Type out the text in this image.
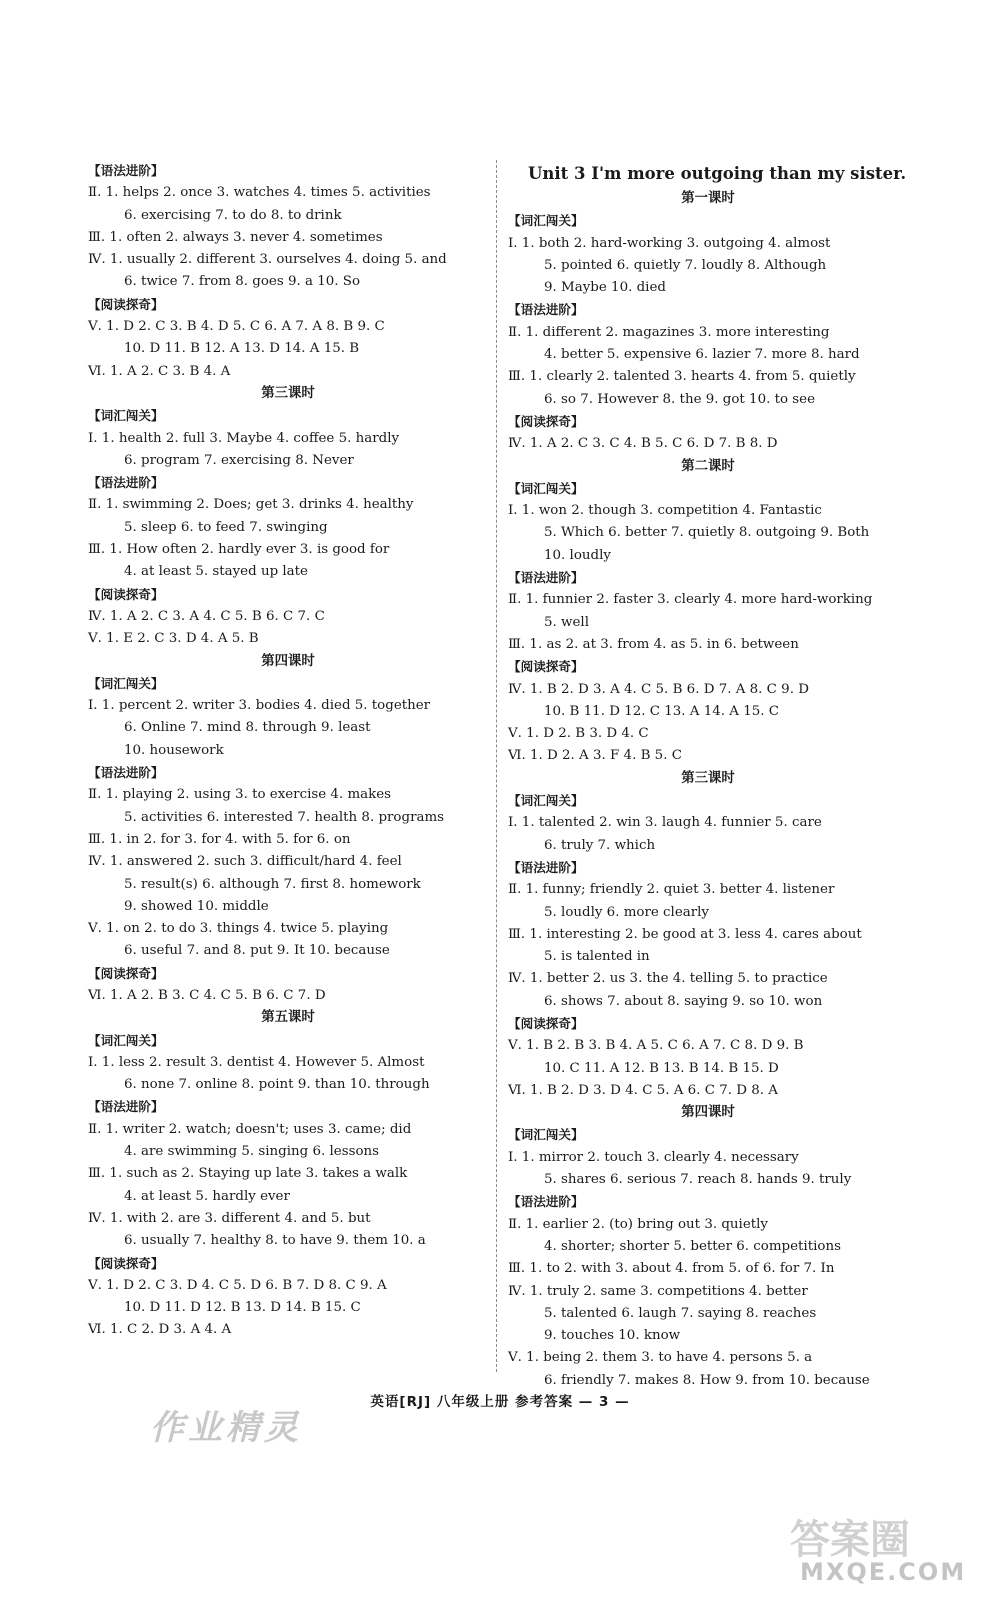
【语法进阶】
Ⅱ. 1. helps 2. once 3. watches 4. times 5. activities
6. exercising 7. to do 8. to drink
Ⅲ. 1. often 2. always 3. never 4. sometimes
Ⅳ. 1. usually 2. different 3. ourselves 4. doing 5. and
6. twice 7. from 8. goes 9. a 10. So
【阅读探奇】
Ⅴ. 1. D 2. C 3. B 4. D 5. C 6. A 7. A 8. B 9. C
10. D 11. B 12. A 13. D 14. A 15. B
Ⅵ. 1. A 2. C 3. B 4. A
第三课时
【词汇闯关】
Ⅰ. 1. health 2. full 3. Maybe 4. coffee 5. hardly
6. program 7. exercising 8. Never
【语法进阶】
Ⅱ. 1. swimming 2. Does; get 3. drinks 4. healthy
5. sleep 6. to feed 7. swinging
Ⅲ. 1. How often 2. hardly ever 3. is good for
4. at least 5. stayed up late
【阅读探奇】
Ⅳ. 1. A 2. C 3. A 4. C 5. B 6. C 7. C
Ⅴ. 1. E 2. C 3. D 4. A 5. B
第四课时
【词汇闯关】
Ⅰ. 1. percent 2. writer 3. bodies 4. died 5. together
6. Online 7. mind 8. through 9. least
10. housework
【语法进阶】
Ⅱ. 1. playing 2. using 3. to exercise 4. makes
5. activities 6. interested 7. health 8. programs
Ⅲ. 1. in 2. for 3. for 4. with 5. for 6. on
Ⅳ. 1. answered 2. such 3. difficult/hard 4. feel
5. result(s) 6. although 7. first 8. homework
9. showed 10. middle
Ⅴ. 1. on 2. to do 3. things 4. twice 5. playing
6. useful 7. and 8. put 9. It 10. because
【阅读探奇】
Ⅵ. 1. A 2. B 3. C 4. C 5. B 6. C 7. D
第五课时
【词汇闯关】
Ⅰ. 1. less 2. result 3. dentist 4. However 5. Almost
6. none 7. online 8. point 9. than 10. through
【语法进阶】
Ⅱ. 1. writer 2. watch; doesn't; uses 3. came; did
4. are swimming 5. singing 6. lessons
Ⅲ. 1. such as 2. Staying up late 3. takes a walk
4. at least 5. hardly ever
Ⅳ. 1. with 2. are 3. different 4. and 5. but
6. usually 7. healthy 8. to have 9. them 10. a
【阅读探奇】
Ⅴ. 1. D 2. C 3. D 4. C 5. D 6. B 7. D 8. C 9. A
10. D 11. D 12. B 13. D 14. B 15. C
Ⅵ. 1. C 2. D 3. A 4. A
Unit 3 I'm more outgoing than my sister.
第一课时
【词汇闯关】
Ⅰ. 1. both 2. hard-working 3. outgoing 4. almost
5. pointed 6. quietly 7. loudly 8. Although
9. Maybe 10. died
【语法进阶】
Ⅱ. 1. different 2. magazines 3. more interesting
4. better 5. expensive 6. lazier 7. more 8. hard
Ⅲ. 1. clearly 2. talented 3. hearts 4. from 5. quietly
6. so 7. However 8. the 9. got 10. to see
【阅读探奇】
Ⅳ. 1. A 2. C 3. C 4. B 5. C 6. D 7. B 8. D
第二课时
【词汇闯关】
Ⅰ. 1. won 2. though 3. competition 4. Fantastic
5. Which 6. better 7. quietly 8. outgoing 9. Both
10. loudly
【语法进阶】
Ⅱ. 1. funnier 2. faster 3. clearly 4. more hard-working
5. well
Ⅲ. 1. as 2. at 3. from 4. as 5. in 6. between
【阅读探奇】
Ⅳ. 1. B 2. D 3. A 4. C 5. B 6. D 7. A 8. C 9. D
10. B 11. D 12. C 13. A 14. A 15. C
Ⅴ. 1. D 2. B 3. D 4. C
Ⅵ. 1. D 2. A 3. F 4. B 5. C
第三课时
【词汇闯关】
Ⅰ. 1. talented 2. win 3. laugh 4. funnier 5. care
6. truly 7. which
【语法进阶】
Ⅱ. 1. funny; friendly 2. quiet 3. better 4. listener
5. loudly 6. more clearly
Ⅲ. 1. interesting 2. be good at 3. less 4. cares about
5. is talented in
Ⅳ. 1. better 2. us 3. the 4. telling 5. to practice
6. shows 7. about 8. saying 9. so 10. won
【阅读探奇】
Ⅴ. 1. B 2. B 3. B 4. A 5. C 6. A 7. C 8. D 9. B
10. C 11. A 12. B 13. B 14. B 15. D
Ⅵ. 1. B 2. D 3. D 4. C 5. A 6. C 7. D 8. A
第四课时
【词汇闯关】
Ⅰ. 1. mirror 2. touch 3. clearly 4. necessary
5. shares 6. serious 7. reach 8. hands 9. truly
【语法进阶】
Ⅱ. 1. earlier 2. (to) bring out 3. quietly
4. shorter; shorter 5. better 6. competitions
Ⅲ. 1. to 2. with 3. about 4. from 5. of 6. for 7. In
Ⅳ. 1. truly 2. same 3. competitions 4. better
5. talented 6. laugh 7. saying 8. reaches
9. touches 10. know
Ⅴ. 1. being 2. them 3. to have 4. persons 5. a
6. friendly 7. makes 8. How 9. from 10. because
英语[RJ] 八年级上册 参考答案 — 3 —
作业精灵
答案圈
MXQE.COM
